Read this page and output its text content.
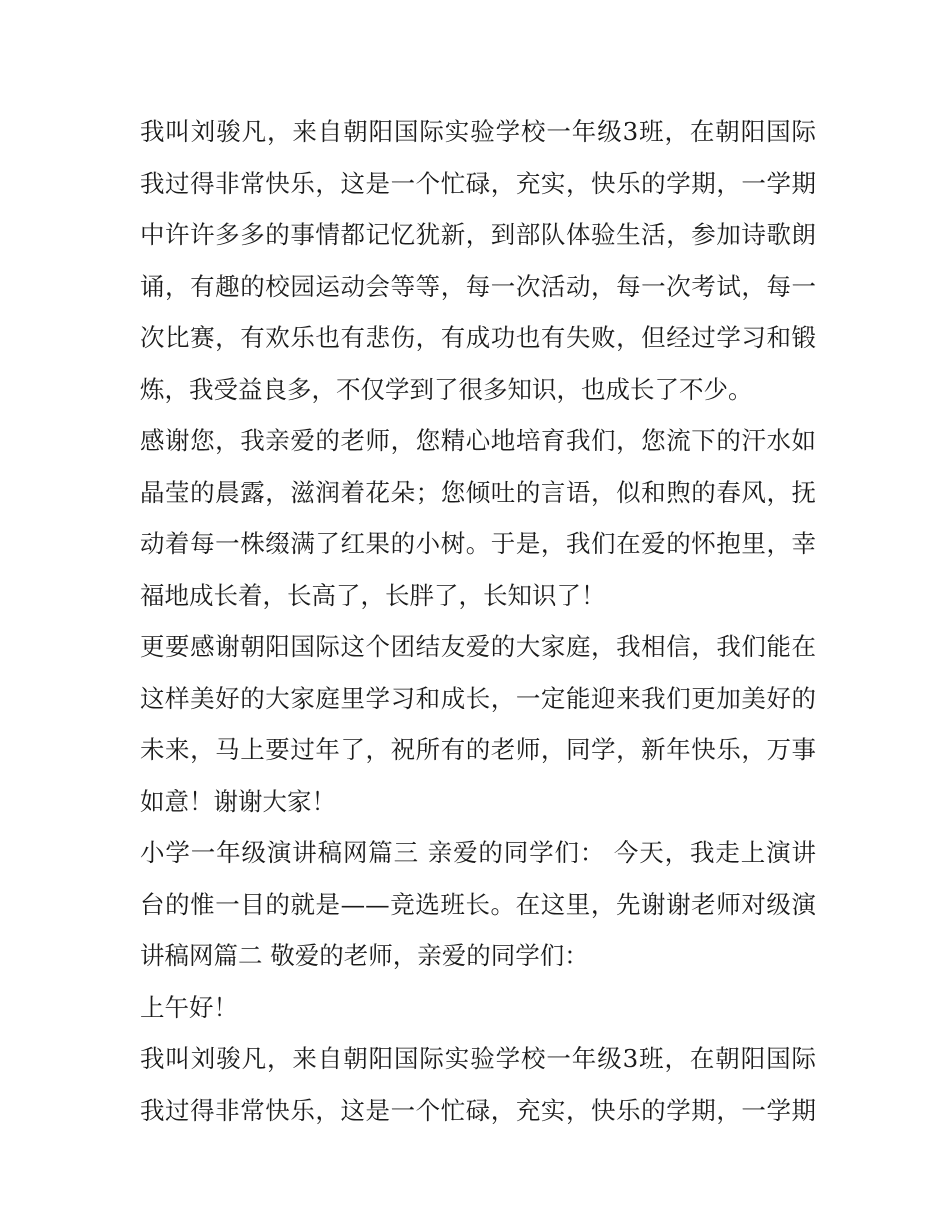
我叫刘骏凡，来自朝阳国际实验学校一年级3班，在朝阳国际
我过得非常快乐，这是一个忙碌，充实，快乐的学期，一学期
中许许多多的事情都记忆犹新，到部队体验生活，参加诗歌朗
诵，有趣的校园运动会等等，每一次活动，每一次考试，每一
次比赛，有欢乐也有悲伤，有成功也有失败，但经过学习和锻
炼，我受益良多，不仅学到了很多知识，也成长了不少。
感谢您，我亲爱的老师，您精心地培育我们，您流下的汗水如
晶莹的晨露，滋润着花朵；您倾吐的言语，似和煦的春风，抚
动着每一株缀满了红果的小树。于是，我们在爱的怀抱里，幸
福地成长着，长高了，长胖了，长知识了！
更要感谢朝阳国际这个团结友爱的大家庭，我相信，我们能在
这样美好的大家庭里学习和成长，一定能迎来我们更加美好的
未来，马上要过年了，祝所有的老师，同学，新年快乐，万事
如意！谢谢大家！
小学一年级演讲稿网篇三 亲爱的同学们： 今天，我走上演讲
台的惟一目的就是——竞选班长。在这里，先谢谢老师对级演
讲稿网篇二 敬爱的老师，亲爱的同学们：
上午好！
我叫刘骏凡，来自朝阳国际实验学校一年级3班，在朝阳国际
我过得非常快乐，这是一个忙碌，充实，快乐的学期，一学期
